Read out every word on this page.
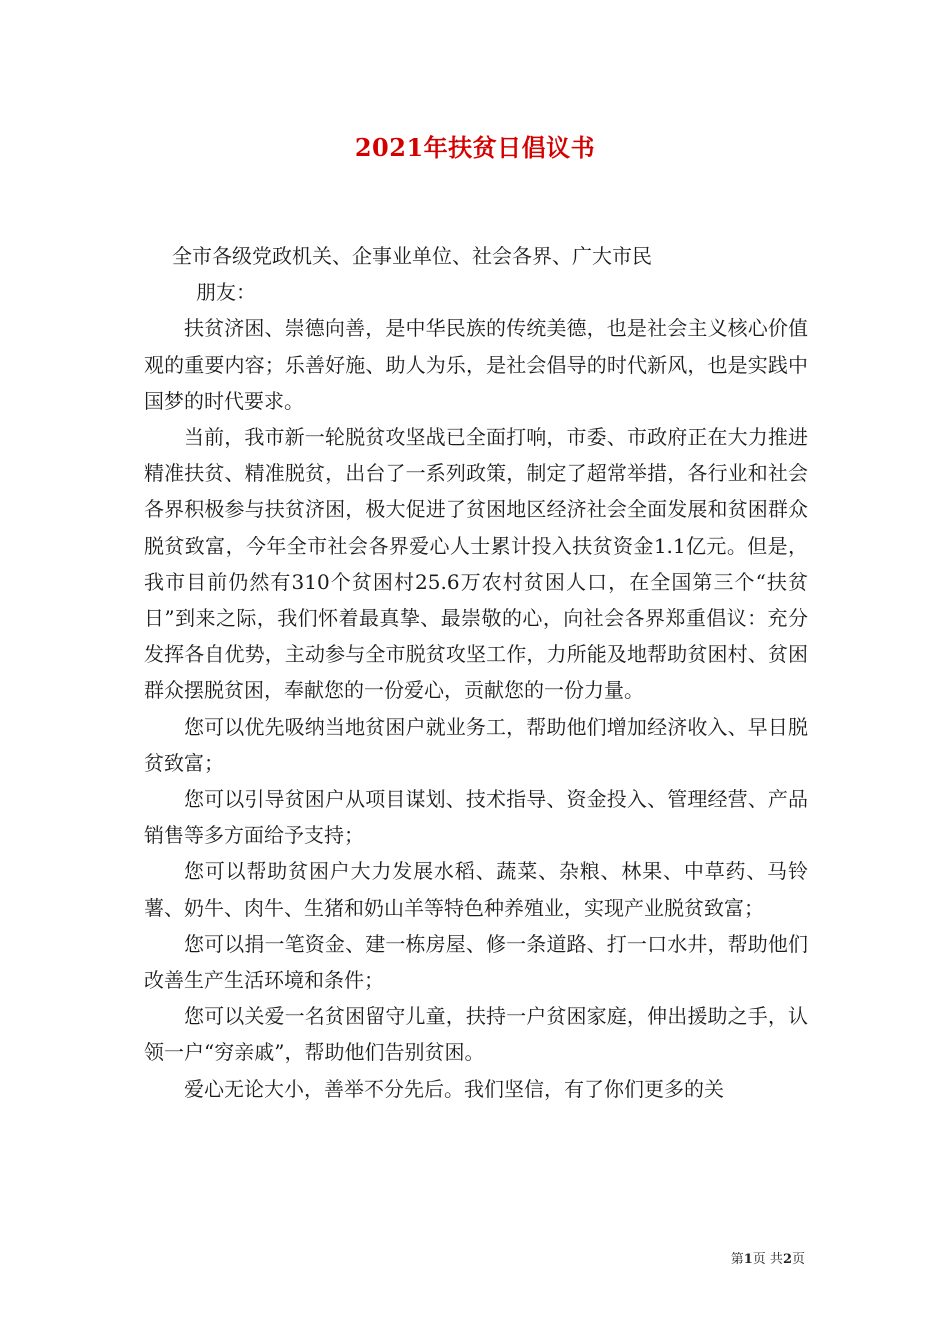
2021年扶贫日倡议书

全市各级党政机关、企事业单位、社会各界、广大市民

朋友：

扶贫济困、崇德向善，是中华民族的传统美德，也是社会主义核心价值观的重要内容；乐善好施、助人为乐，是社会倡导的时代新风，也是实践中国梦的时代要求。

当前，我市新一轮脱贫攻坚战已全面打响，市委、市政府正在大力推进精准扶贫、精准脱贫，出台了一系列政策，制定了超常举措，各行业和社会各界积极参与扶贫济困，极大促进了贫困地区经济社会全面发展和贫困群众脱贫致富，今年全市社会各界爱心人士累计投入扶贫资金1.1亿元。但是，我市目前仍然有310个贫困村25.6万农村贫困人口，在全国第三个“扶贫日”到来之际，我们怀着最真挚、最崇敬的心，向社会各界郑重倡议：充分发挥各自优势，主动参与全市脱贫攻坚工作，力所能及地帮助贫困村、贫困群众摆脱贫困，奉献您的一份爱心，贡献您的一份力量。

您可以优先吸纳当地贫困户就业务工，帮助他们增加经济收入、早日脱贫致富；

您可以引导贫困户从项目谋划、技术指导、资金投入、管理经营、产品销售等多方面给予支持；

您可以帮助贫困户大力发展水稻、蔬菜、杂粮、林果、中草药、马铃薯、奶牛、肉牛、生猪和奶山羊等特色种养殖业，实现产业脱贫致富；

您可以捐一笔资金、建一栋房屋、修一条道路、打一口水井，帮助他们改善生产生活环境和条件；

您可以关爱一名贫困留守儿童，扶持一户贫困家庭，伸出援助之手，认领一户“穷亲戚”，帮助他们告别贫困。

爱心无论大小，善举不分先后。我们坚信，有了你们更多的关

第1页 共2页
